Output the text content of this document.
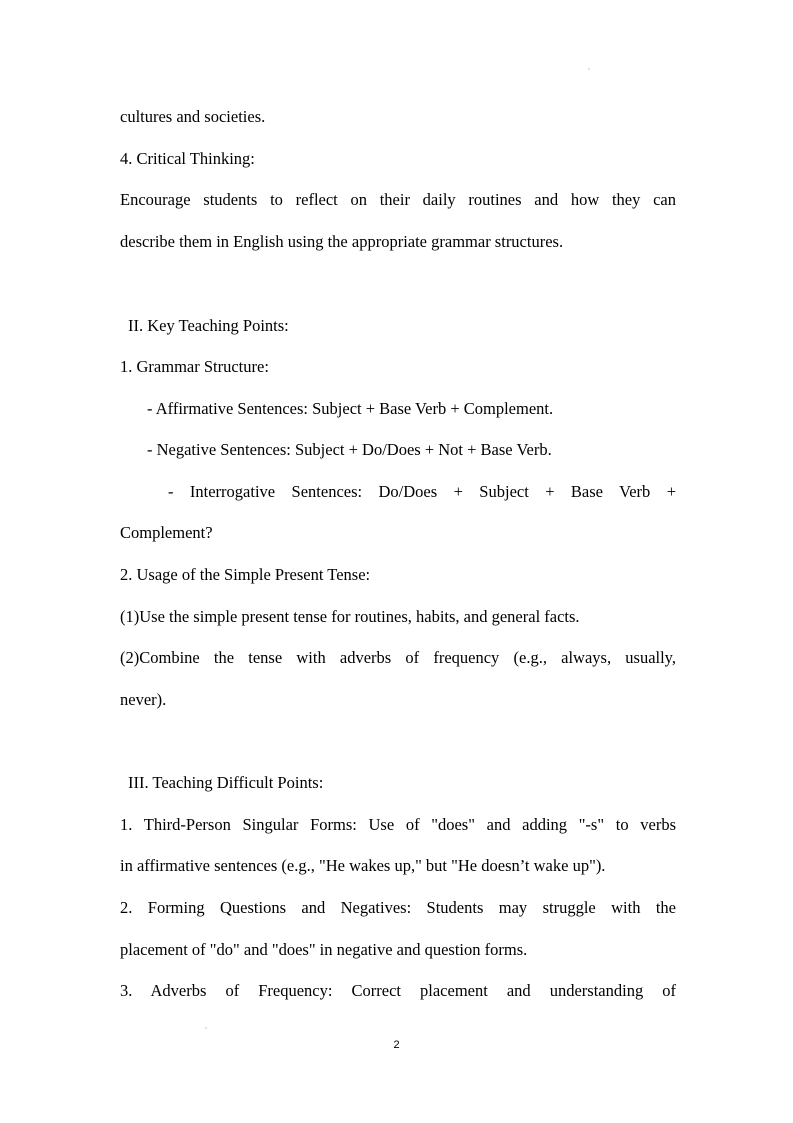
cultures and societies.
4. Critical Thinking:
Encourage students to reflect on their daily routines and how they can
describe them in English using the appropriate grammar structures.
II. Key Teaching Points:
1. Grammar Structure:
- Affirmative Sentences: Subject + Base Verb + Complement.
- Negative Sentences: Subject + Do/Does + Not + Base Verb.
- Interrogative Sentences: Do/Does + Subject + Base Verb +
Complement?
2. Usage of the Simple Present Tense:
(1)Use the simple present tense for routines, habits, and general facts.
(2)Combine the tense with adverbs of frequency (e.g., always, usually,
never).
III. Teaching Difficult Points:
1. Third-Person Singular Forms: Use of "does" and adding "-s" to verbs
in affirmative sentences (e.g., "He wakes up," but "He doesn’t wake up").
2. Forming Questions and Negatives: Students may struggle with the
placement of "do" and "does" in negative and question forms.
3. Adverbs of Frequency: Correct placement and understanding of
2
